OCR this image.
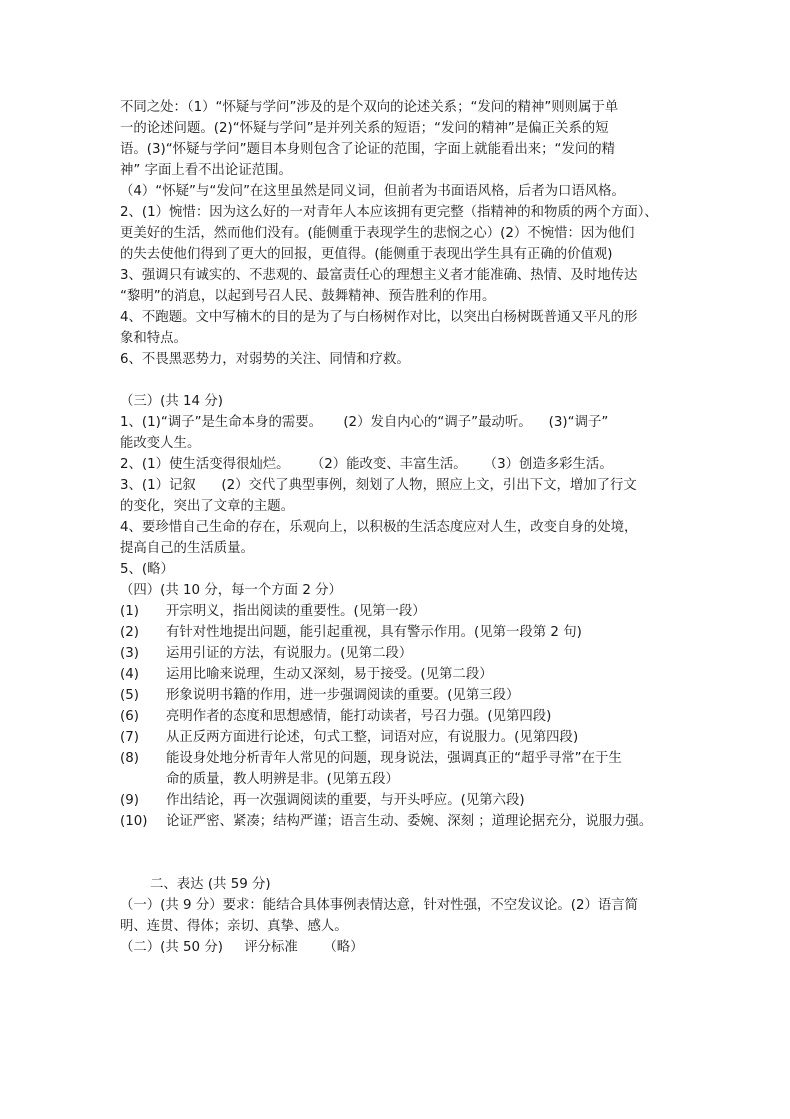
不同之处：（1）“怀疑与学问”涉及的是个双向的论述关系；“发问的精神”则则属于单

一的论述问题。(2)“怀疑与学问”是并列关系的短语；“发问的精神”是偏正关系的短

语。(3)“怀疑与学问”题目本身则包含了论证的范围，字面上就能看出来；“发问的精

神” 字面上看不出论证范围。

（4）“怀疑”与“发问”在这里虽然是同义词，但前者为书面语风格，后者为口语风格。

2、(1）惋惜：因为这么好的一对青年人本应该拥有更完整（指精神的和物质的两个方面）、

更美好的生活，然而他们没有。(能侧重于表现学生的悲悯之心）(2）不惋惜：因为他们

的失去使他们得到了更大的回报，更值得。(能侧重于表现出学生具有正确的价值观)

3、强调只有诚实的、不悲观的、最富责任心的理想主义者才能准确、热情、及时地传达

“黎明”的消息，以起到号召人民、鼓舞精神、预告胜利的作用。

4、不跑题。文中写楠木的目的是为了与白杨树作对比，以突出白杨树既普通又平凡的形

象和特点。

6、不畏黑恶势力，对弱势的关注、同情和疗救。

（三）(共 14 分)

1、(1)“调子”是生命本身的需要。     (2）发自内心的“调子”最动听。    (3)“调子”

能改变人生。

2、(1）使生活变得很灿烂。     （2）能改变、丰富生活。    （3）创造多彩生活。

3、(1）记叙      (2）交代了典型事例，刻划了人物，照应上文，引出下文，增加了行文

的变化，突出了文章的主题。

4、要珍惜自己生命的存在，乐观向上，以积极的生活态度应对人生，改变自身的处境，

提高自己的生活质量。

5、(略）

（四）(共 10 分，每一个方面 2 分）

(1)	开宗明义，指出阅读的重要性。(见第一段）
(2)	有针对性地提出问题，能引起重视，具有警示作用。(见第一段第 2 句)
(3)	运用引证的方法，有说服力。(见第二段）
(4)	运用比喻来说理，生动又深刻，易于接受。(见第二段）
(5)	形象说明书籍的作用，进一步强调阅读的重要。(见第三段）
(6)	亮明作者的态度和思想感情，能打动读者，号召力强。(见第四段)
(7)	从正反两方面进行论述，句式工整，词语对应，有说服力。(见第四段)
(8)	能设身处地分析青年人常见的问题，现身说法，强调真正的“超乎寻常”在于生

命的质量，教人明辨是非。(见第五段）

(9)	作出结论，再一次强调阅读的重要，与开头呼应。(见第六段)
(10)	论证严密、紧凑；结构严谨；语言生动、委婉、深刻 ；道理论据充分，说服力强。

二、表达 (共 59 分)

（一）(共 9 分）要求：能结合具体事例表情达意，针对性强，不空发议论。(2）语言简

明、连贯、得体；亲切、真挚、感人。

（二）(共 50 分)     评分标准      （略）
